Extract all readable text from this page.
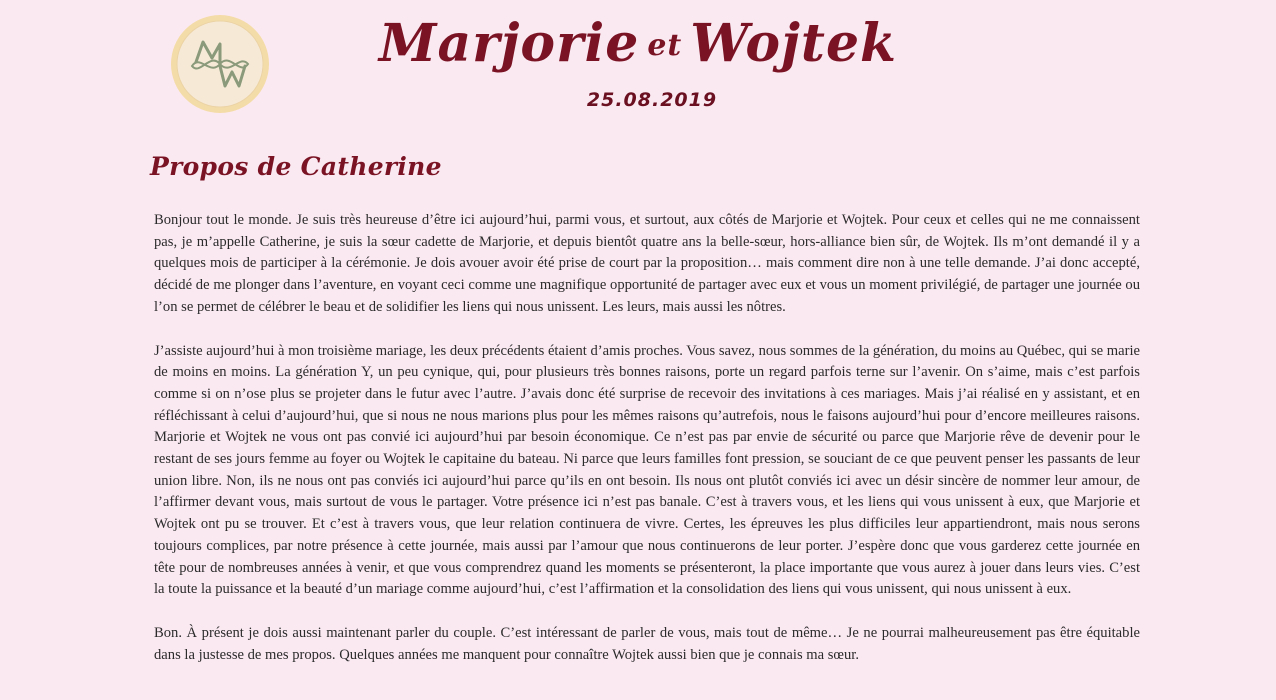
Marjorie et Wojtek
25.08.2019
Propos de Catherine

Bonjour tout le monde. Je suis très heureuse d’être ici aujourd’hui, parmi vous, et surtout, aux côtés de Marjorie et Wojtek. Pour ceux et celles qui ne me connaissent pas, je m’appelle Catherine, je suis la sœur cadette de Marjorie, et depuis bientôt quatre ans la belle-sœur, hors-alliance bien sûr, de Wojtek. Ils m’ont demandé il y a quelques mois de participer à la cérémonie. Je dois avouer avoir été prise de court par la proposition… mais comment dire non à une telle demande. J’ai donc accepté, décidé de me plonger dans l’aventure, en voyant ceci comme une magnifique opportunité de partager avec eux et vous un moment privilégié, de partager une journée ou l’on se permet de célébrer le beau et de solidifier les liens qui nous unissent. Les leurs, mais aussi les nôtres.

J’assiste aujourd’hui à mon troisième mariage, les deux précédents étaient d’amis proches. Vous savez, nous sommes de la génération, du moins au Québec, qui se marie de moins en moins. La génération Y, un peu cynique, qui, pour plusieurs très bonnes raisons, porte un regard parfois terne sur l’avenir. On s’aime, mais c’est parfois comme si on n’ose plus se projeter dans le futur avec l’autre. J’avais donc été surprise de recevoir des invitations à ces mariages. Mais j’ai réalisé en y assistant, et en réfléchissant à celui d’aujourd’hui, que si nous ne nous marions plus pour les mêmes raisons qu’autrefois, nous le faisons aujourd’hui pour d’encore meilleures raisons. Marjorie et Wojtek ne vous ont pas convié ici aujourd’hui par besoin économique. Ce n’est pas par envie de sécurité ou parce que Marjorie rêve de devenir pour le restant de ses jours femme au foyer ou Wojtek le capitaine du bateau. Ni parce que leurs familles font pression, se souciant de ce que peuvent penser les passants de leur union libre. Non, ils ne nous ont pas conviés ici aujourd’hui parce qu’ils en ont besoin. Ils nous ont plutôt conviés ici avec un désir sincère de nommer leur amour, de l’affirmer devant vous, mais surtout de vous le partager. Votre présence ici n’est pas banale. C’est à travers vous, et les liens qui vous unissent à eux, que Marjorie et Wojtek ont pu se trouver. Et c’est à travers vous, que leur relation continuera de vivre. Certes, les épreuves les plus difficiles leur appartiendront, mais nous serons toujours complices, par notre présence à cette journée, mais aussi par l’amour que nous continuerons de leur porter. J’espère donc que vous garderez cette journée en tête pour de nombreuses années à venir, et que vous comprendrez quand les moments se présenteront, la place importante que vous aurez à jouer dans leurs vies. C’est la toute la puissance et la beauté d’un mariage comme aujourd’hui, c’est l’affirmation et la consolidation des liens qui vous unissent, qui nous unissent à eux.

Bon. À présent je dois aussi maintenant parler du couple. C’est intéressant de parler de vous, mais tout de même… Je ne pourrai malheureusement pas être équitable dans la justesse de mes propos. Quelques années me manquent pour connaître Wojtek aussi bien que je connais ma sœur.
